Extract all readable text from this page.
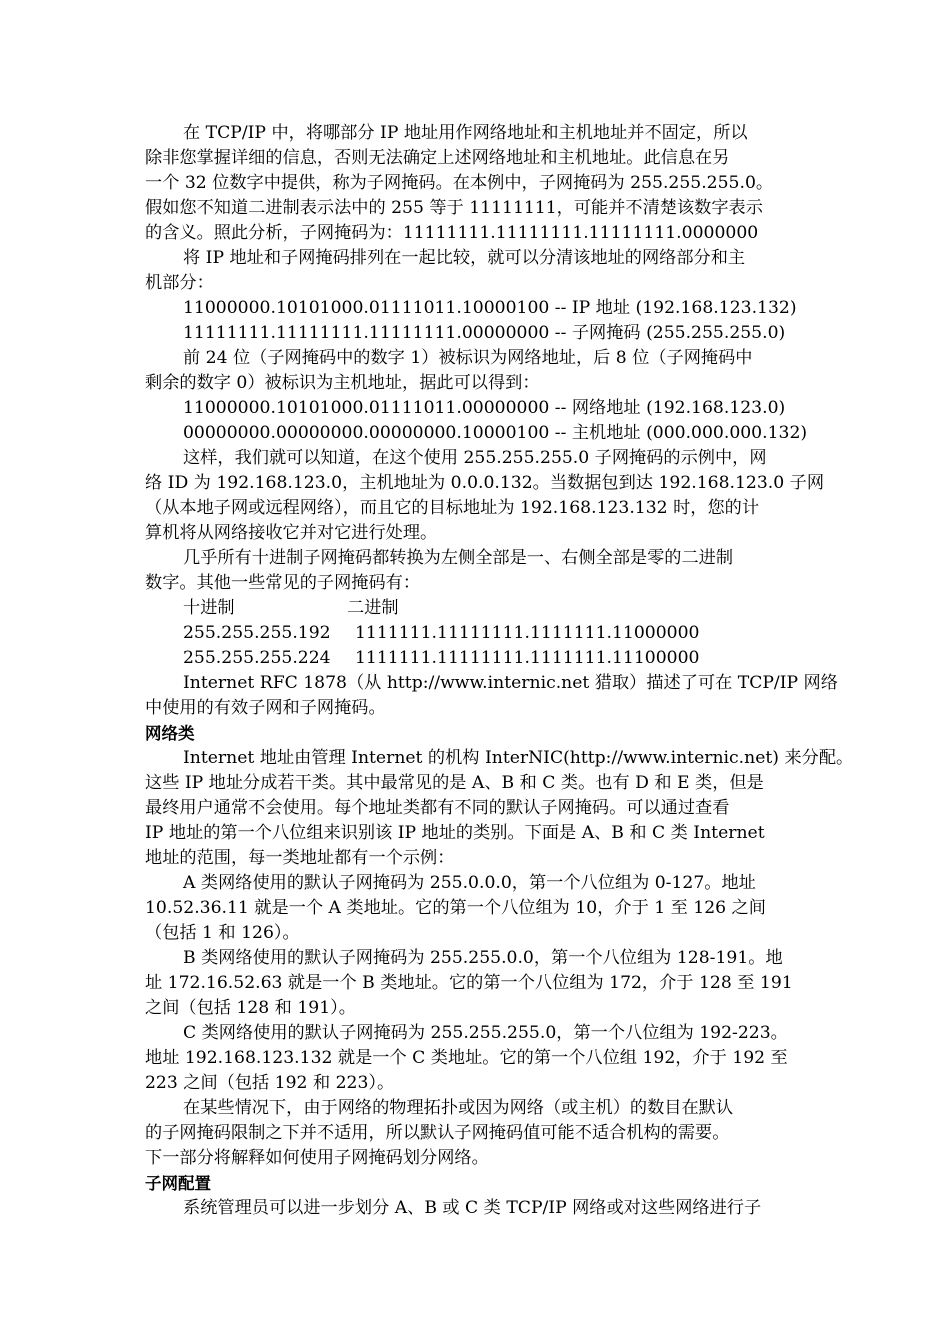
在 TCP/IP 中，将哪部分 IP 地址用作网络地址和主机地址并不固定，所以
除非您掌握详细的信息，否则无法确定上述网络地址和主机地址。此信息在另
一个 32 位数字中提供，称为子网掩码。在本例中，子网掩码为 255.255.255.0。
假如您不知道二进制表示法中的 255 等于 11111111，可能并不清楚该数字表示
的含义。照此分析，子网掩码为：11111111.11111111.11111111.0000000
将 IP 地址和子网掩码排列在一起比较，就可以分清该地址的网络部分和主
机部分：
11000000.10101000.01111011.10000100 -- IP 地址 (192.168.123.132)
11111111.11111111.11111111.00000000 -- 子网掩码 (255.255.255.0)
前 24 位（子网掩码中的数字 1）被标识为网络地址，后 8 位（子网掩码中
剩余的数字 0）被标识为主机地址，据此可以得到：
11000000.10101000.01111011.00000000 -- 网络地址 (192.168.123.0)
00000000.00000000.00000000.10000100 -- 主机地址 (000.000.000.132)
这样，我们就可以知道，在这个使用 255.255.255.0 子网掩码的示例中，网
络 ID 为 192.168.123.0，主机地址为 0.0.0.132。当数据包到达 192.168.123.0 子网
（从本地子网或远程网络），而且它的目标地址为 192.168.123.132 时，您的计
算机将从网络接收它并对它进行处理。
几乎所有十进制子网掩码都转换为左侧全部是一、右侧全部是零的二进制
数字。其他一些常见的子网掩码有：
十进制	二进制
255.255.255.192 1111111.11111111.1111111.11000000
255.255.255.224 1111111.11111111.1111111.11100000
Internet RFC 1878（从 http://www.internic.net 猎取）描述了可在 TCP/IP 网络
中使用的有效子网和子网掩码。
网络类
Internet 地址由管理 Internet 的机构 InterNIC(http://www.internic.net) 来分配。
这些 IP 地址分成若干类。其中最常见的是 A、B 和 C 类。也有 D 和 E 类，但是
最终用户通常不会使用。每个地址类都有不同的默认子网掩码。可以通过查看
IP 地址的第一个八位组来识别该 IP 地址的类别。下面是 A、B 和 C 类 Internet
地址的范围，每一类地址都有一个示例：
A 类网络使用的默认子网掩码为 255.0.0.0，第一个八位组为 0-127。地址
10.52.36.11 就是一个 A 类地址。它的第一个八位组为 10，介于 1 至 126 之间
（包括 1 和 126）。
B 类网络使用的默认子网掩码为 255.255.0.0，第一个八位组为 128-191。地
址 172.16.52.63 就是一个 B 类地址。它的第一个八位组为 172，介于 128 至 191
之间（包括 128 和 191）。
C 类网络使用的默认子网掩码为 255.255.255.0，第一个八位组为 192-223。
地址 192.168.123.132 就是一个 C 类地址。它的第一个八位组 192，介于 192 至
223 之间（包括 192 和 223）。
在某些情况下，由于网络的物理拓扑或因为网络（或主机）的数目在默认
的子网掩码限制之下并不适用，所以默认子网掩码值可能不适合机构的需要。
下一部分将解释如何使用子网掩码划分网络。
子网配置
系统管理员可以进一步划分 A、B 或 C 类 TCP/IP 网络或对这些网络进行子
